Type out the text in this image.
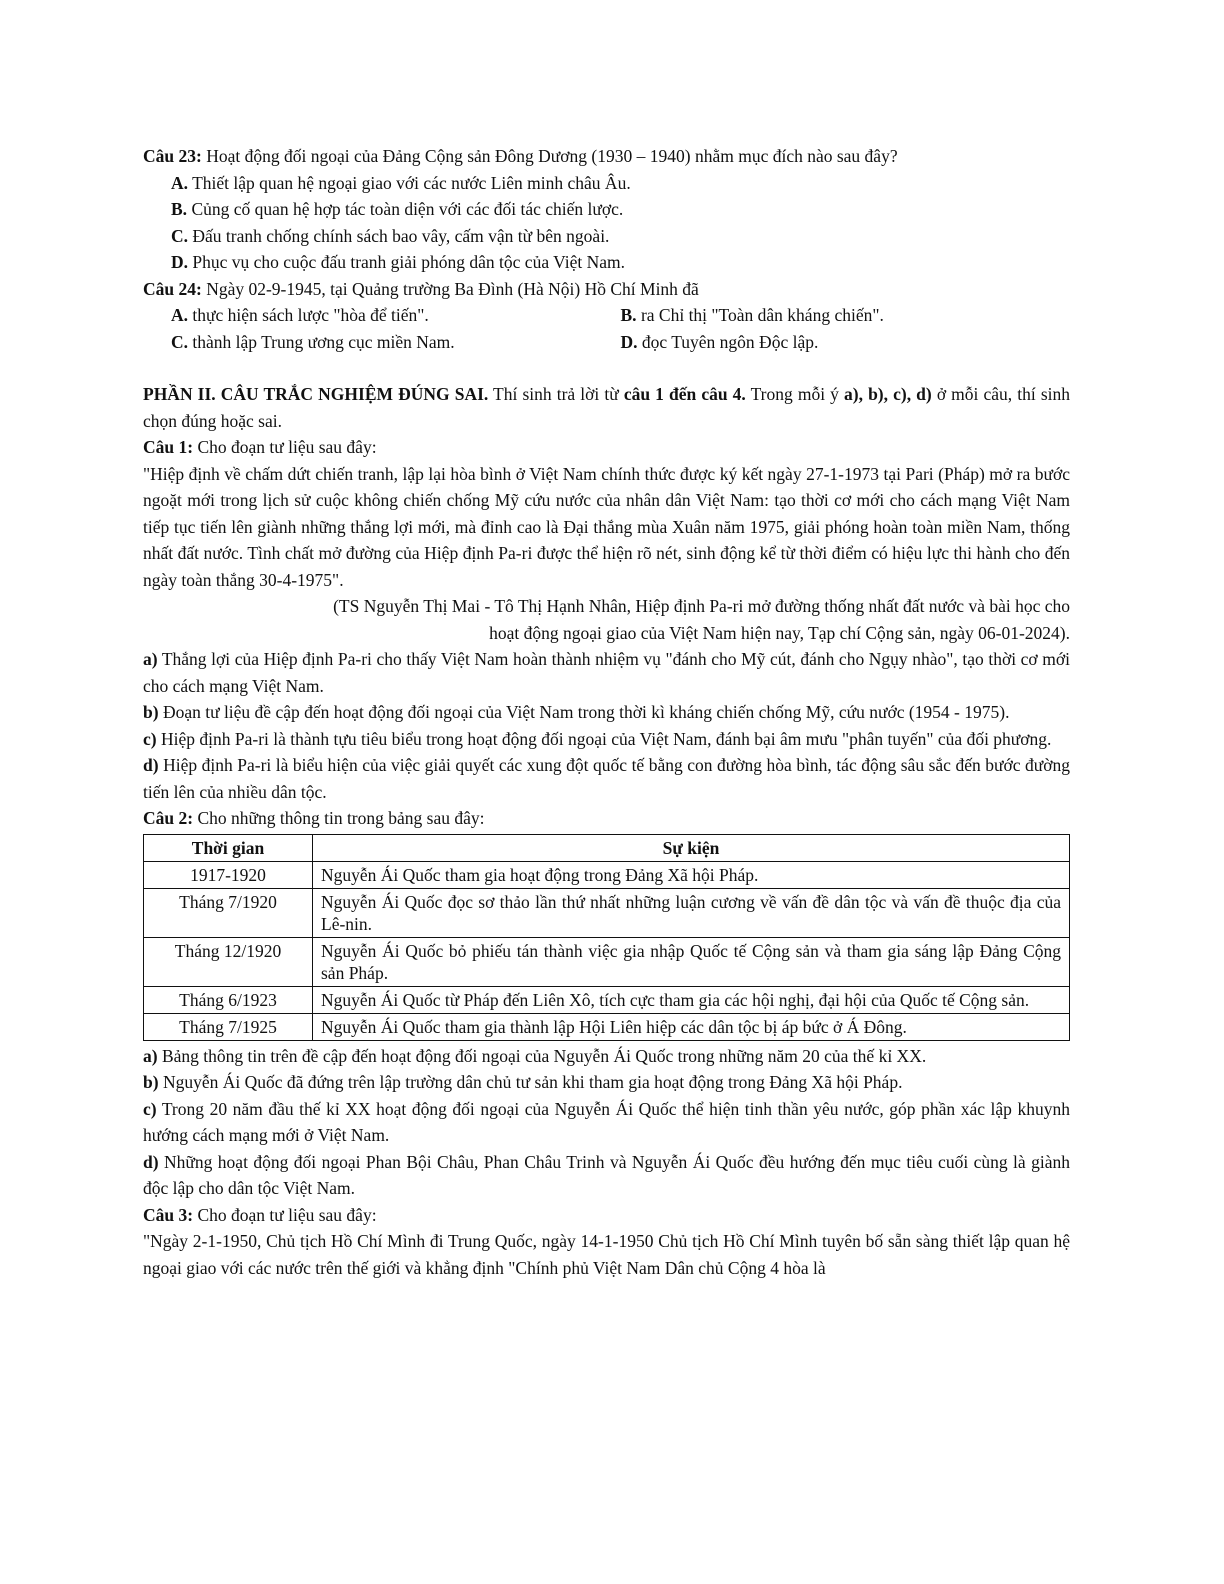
Câu 23: Hoạt động đối ngoại của Đảng Cộng sản Đông Dương (1930 – 1940) nhằm mục đích nào sau đây?

A. Thiết lập quan hệ ngoại giao với các nước Liên minh châu Âu.

B. Củng cố quan hệ hợp tác toàn diện với các đối tác chiến lược.

C. Đấu tranh chống chính sách bao vây, cấm vận từ bên ngoài.

D. Phục vụ cho cuộc đấu tranh giải phóng dân tộc của Việt Nam.

Câu 24: Ngày 02-9-1945, tại Quảng trường Ba Đình (Hà Nội) Hồ Chí Minh đã

A. thực hiện sách lược "hòa để tiến".	B. ra Chỉ thị "Toàn dân kháng chiến".
C. thành lập Trung ương cục miền Nam.	D. đọc Tuyên ngôn Độc lập.

PHẦN II. CÂU TRẮC NGHIỆM ĐÚNG SAI. Thí sinh trả lời từ câu 1 đến câu 4. Trong mỗi ý a), b), c), d) ở mỗi câu, thí sinh chọn đúng hoặc sai.

Câu 1: Cho đoạn tư liệu sau đây:

"Hiệp định về chấm dứt chiến tranh, lập lại hòa bình ở Việt Nam chính thức được ký kết ngày 27-1-1973 tại Pari (Pháp) mở ra bước ngoặt mới trong lịch sử cuộc không chiến chống Mỹ cứu nước của nhân dân Việt Nam: tạo thời cơ mới cho cách mạng Việt Nam tiếp tục tiến lên giành những thắng lợi mới, mà đỉnh cao là Đại thắng mùa Xuân năm 1975, giải phóng hoàn toàn miền Nam, thống nhất đất nước. Tình chất mở đường của Hiệp định Pa-ri được thể hiện rõ nét, sinh động kể từ thời điểm có hiệu lực thi hành cho đến ngày toàn thắng 30-4-1975".

(TS Nguyễn Thị Mai - Tô Thị Hạnh Nhân, Hiệp định Pa-ri mở đường thống nhất đất nước và bài học cho

hoạt động ngoại giao của Việt Nam hiện nay, Tạp chí Cộng sản, ngày 06-01-2024).

a) Thắng lợi của Hiệp định Pa-ri cho thấy Việt Nam hoàn thành nhiệm vụ "đánh cho Mỹ cút, đánh cho Ngụy nhào", tạo thời cơ mới cho cách mạng Việt Nam.

b) Đoạn tư liệu đề cập đến hoạt động đối ngoại của Việt Nam trong thời kì kháng chiến chống Mỹ, cứu nước (1954 - 1975).

c) Hiệp định Pa-ri là thành tựu tiêu biểu trong hoạt động đối ngoại của Việt Nam, đánh bại âm mưu "phân tuyến" của đối phương.

d) Hiệp định Pa-ri là biểu hiện của việc giải quyết các xung đột quốc tế bằng con đường hòa bình, tác động sâu sắc đến bước đường tiến lên của nhiều dân tộc.

Câu 2: Cho những thông tin trong bảng sau đây:

Thời gian	Sự kiện
1917-1920	Nguyễn Ái Quốc tham gia hoạt động trong Đảng Xã hội Pháp.
Tháng 7/1920	Nguyễn Ái Quốc đọc sơ thảo lần thứ nhất những luận cương về vấn đề dân tộc và vấn đề thuộc địa của Lê-nin.
Tháng 12/1920	Nguyễn Ái Quốc bỏ phiếu tán thành việc gia nhập Quốc tế Cộng sản và tham gia sáng lập Đảng Cộng sản Pháp.
Tháng 6/1923	Nguyễn Ái Quốc từ Pháp đến Liên Xô, tích cực tham gia các hội nghị, đại hội của Quốc tế Cộng sản.
Tháng 7/1925	Nguyễn Ái Quốc tham gia thành lập Hội Liên hiệp các dân tộc bị áp bức ở Á Đông.

a) Bảng thông tin trên đề cập đến hoạt động đối ngoại của Nguyễn Ái Quốc trong những năm 20 của thế kỉ XX.

b) Nguyễn Ái Quốc đã đứng trên lập trường dân chủ tư sản khi tham gia hoạt động trong Đảng Xã hội Pháp.

c) Trong 20 năm đầu thế kỉ XX hoạt động đối ngoại của Nguyễn Ái Quốc thể hiện tinh thần yêu nước, góp phần xác lập khuynh hướng cách mạng mới ở Việt Nam.

d) Những hoạt động đối ngoại Phan Bội Châu, Phan Châu Trinh và Nguyễn Ái Quốc đều hướng đến mục tiêu cuối cùng là giành độc lập cho dân tộc Việt Nam.

Câu 3: Cho đoạn tư liệu sau đây:

"Ngày 2-1-1950, Chủ tịch Hồ Chí Mình đi Trung Quốc, ngày 14-1-1950 Chủ tịch Hồ Chí Mình tuyên bố sẵn sàng thiết lập quan hệ ngoại giao với các nước trên thế giới và khẳng định "Chính phủ Việt Nam Dân chủ Cộng 4 hòa là
